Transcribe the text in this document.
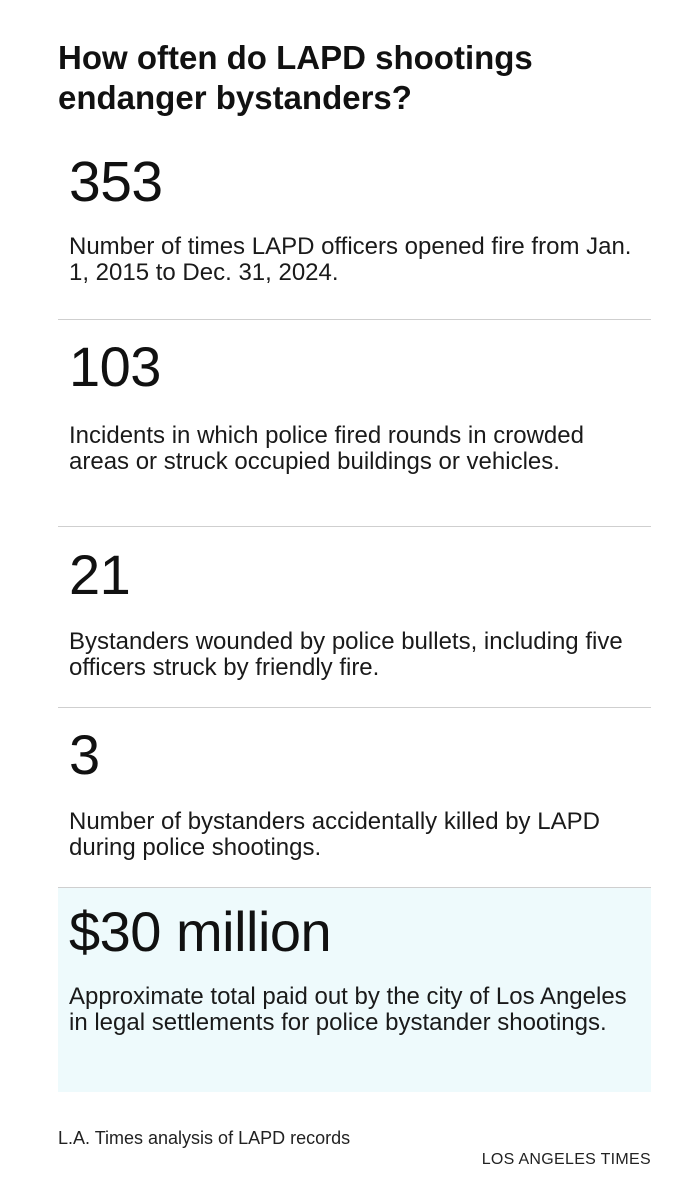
How often do LAPD shootings endanger bystanders?

353

Number of times LAPD officers opened fire from Jan. 1, 2015 to Dec. 31, 2024.

103

Incidents in which police fired rounds in crowded areas or struck occupied buildings or vehicles.

21

Bystanders wounded by police bullets, including five officers struck by friendly fire.

3

Number of bystanders accidentally killed by LAPD during police shootings.

$30 million

Approximate total paid out by the city of Los Angeles in legal settlements for police bystander shootings.

L.A. Times analysis of LAPD records
LOS ANGELES TIMES
